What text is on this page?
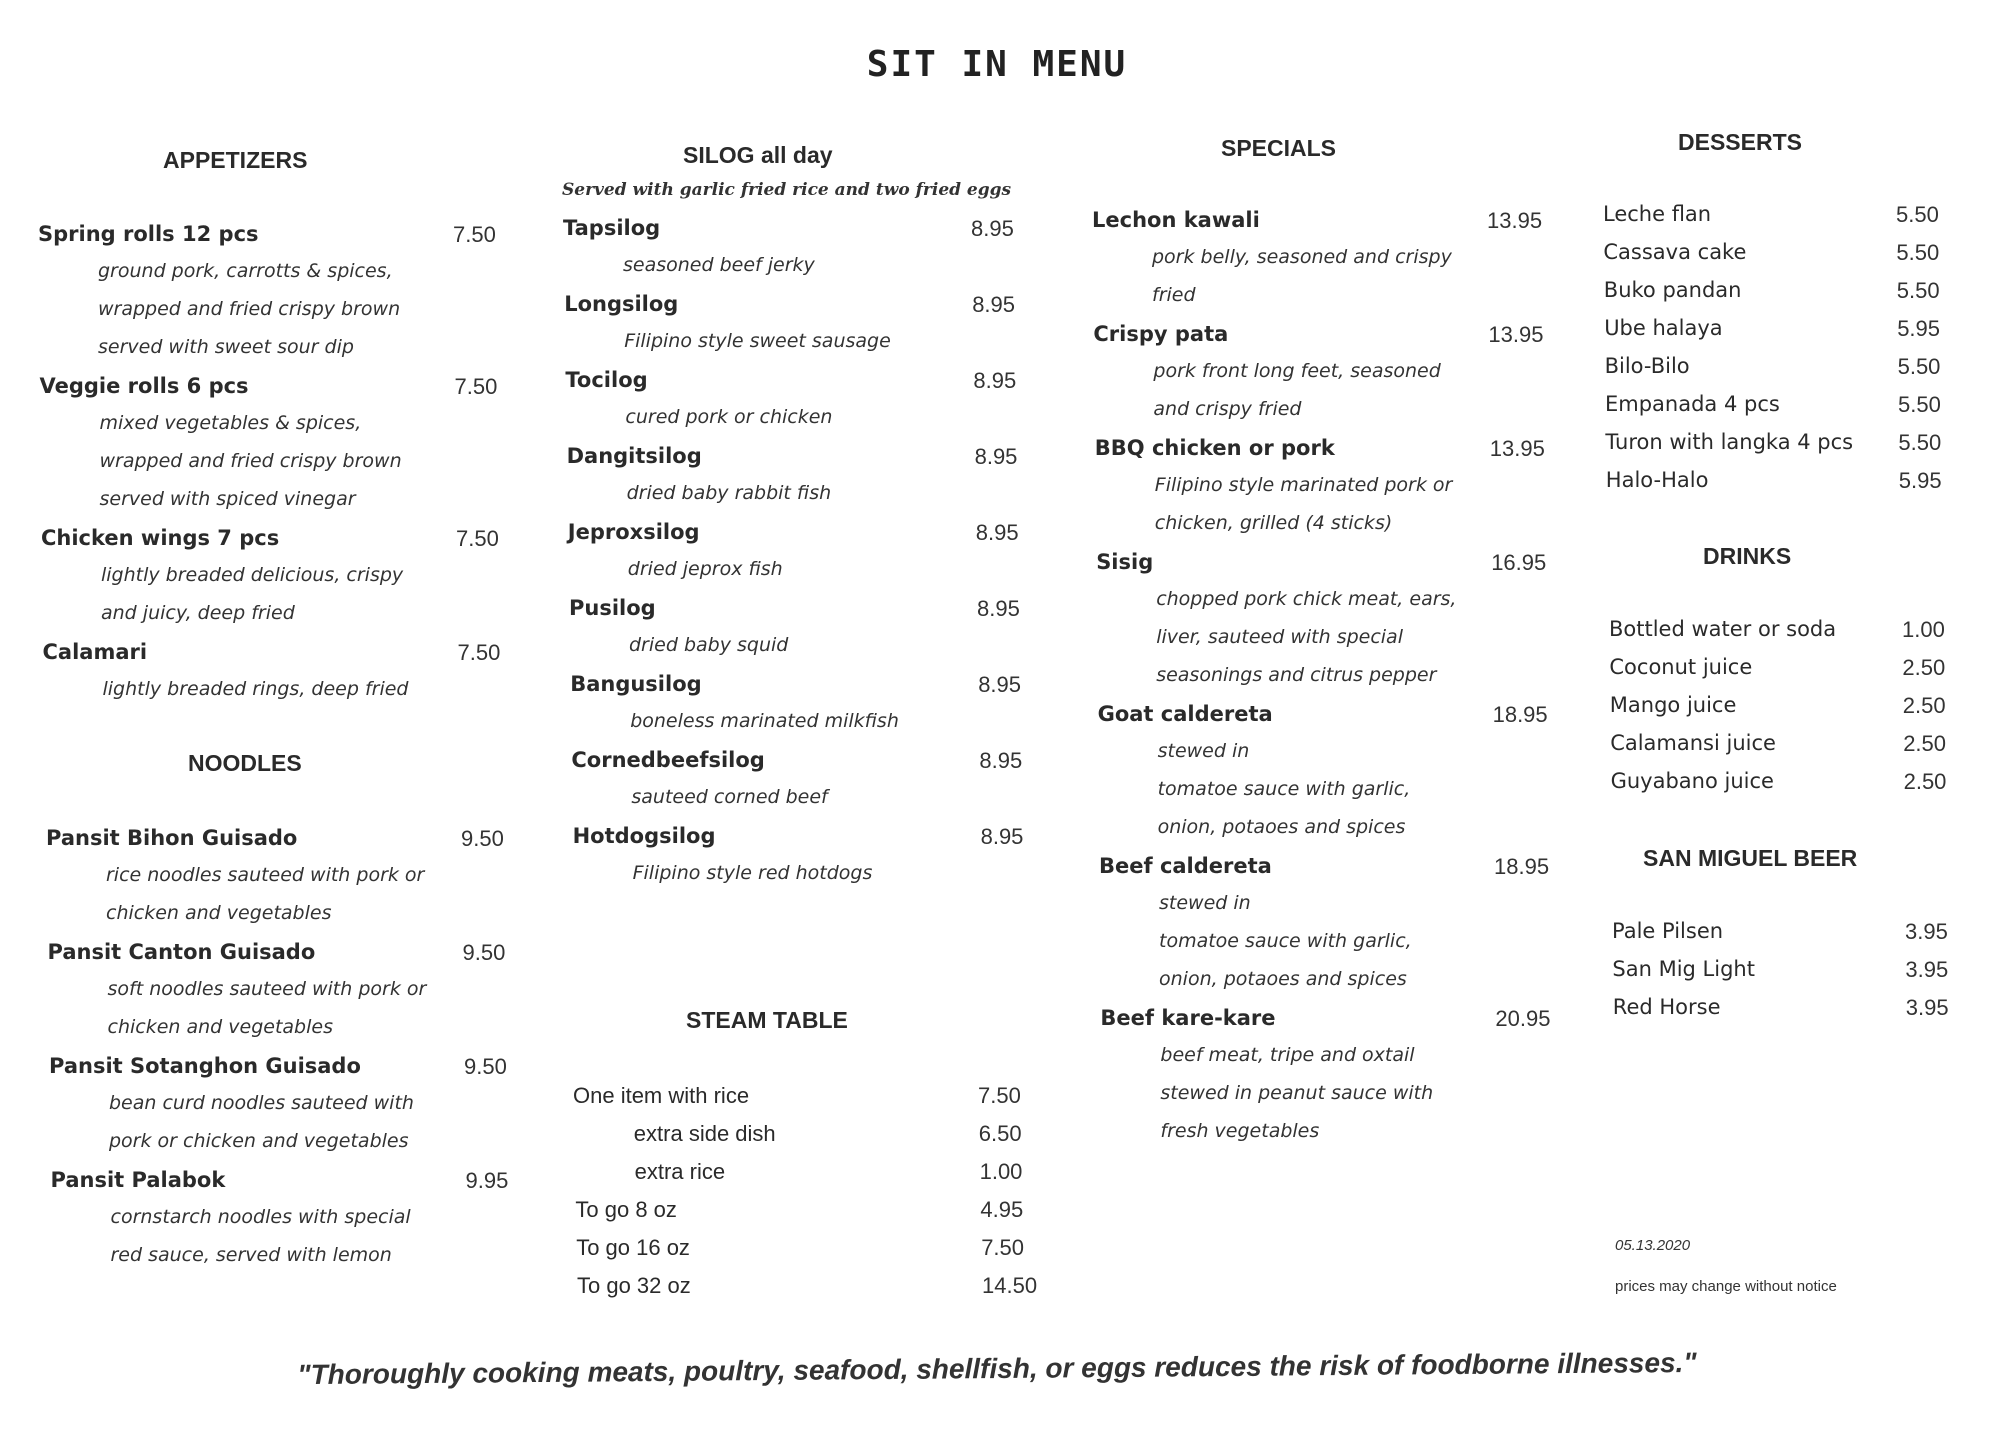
SIT IN MENU
APPETIZERS
Spring rolls 12 pcs	7.50
ground pork, carrotts & spices,
wrapped and fried crispy brown
served with sweet sour dip
Veggie rolls 6 pcs	7.50
mixed vegetables & spices,
wrapped and fried crispy brown
served with spiced vinegar
Chicken wings 7 pcs	7.50
lightly breaded delicious, crispy
and juicy, deep fried
Calamari	7.50
lightly breaded rings, deep fried
NOODLES
Pansit Bihon Guisado	9.50
rice noodles sauteed with pork or
chicken and vegetables
Pansit Canton Guisado	9.50
soft noodles sauteed with pork or
chicken and vegetables
Pansit Sotanghon Guisado	9.50
bean curd noodles sauteed with
pork or chicken and vegetables
Pansit Palabok	9.95
cornstarch noodles with special
red sauce, served with lemon
SILOG all day
Served with garlic fried rice and two fried eggs
Tapsilog	8.95
seasoned beef jerky
Longsilog	8.95
Filipino style sweet sausage
Tocilog	8.95
cured pork or chicken
Dangitsilog	8.95
dried baby rabbit fish
Jeproxsilog	8.95
dried jeprox fish
Pusilog	8.95
dried baby squid
Bangusilog	8.95
boneless marinated milkfish
Cornedbeefsilog	8.95
sauteed corned beef
Hotdogsilog	8.95
Filipino style red hotdogs
STEAM TABLE
One item with rice	7.50
extra side dish	6.50
extra rice	1.00
To go 8 oz	4.95
To go 16 oz	7.50
To go 32 oz	14.50
SPECIALS
Lechon kawali	13.95
pork belly, seasoned and crispy
fried
Crispy pata	13.95
pork front long feet, seasoned
and crispy fried
BBQ chicken or pork	13.95
Filipino style marinated pork or
chicken, grilled (4 sticks)
Sisig	16.95
chopped pork chick meat, ears,
liver, sauteed with special
seasonings and citrus pepper
Goat caldereta	18.95
stewed in
tomatoe sauce with garlic,
onion, potaoes and spices
Beef caldereta	18.95
stewed in
tomatoe sauce with garlic,
onion, potaoes and spices
Beef kare-kare	20.95
beef meat, tripe and oxtail
stewed in peanut sauce with
fresh vegetables
DESSERTS
Leche flan	5.50
Cassava cake	5.50
Buko pandan	5.50
Ube halaya	5.95
Bilo-Bilo	5.50
Empanada 4 pcs	5.50
Turon with langka 4 pcs 5.50
Halo-Halo	5.95
DRINKS
Bottled water or soda	1.00
Coconut juice	2.50
Mango juice	2.50
Calamansi juice	2.50
Guyabano juice	2.50
SAN MIGUEL BEER
Pale Pilsen	3.95
San Mig Light	3.95
Red Horse	3.95
05.13.2020
prices may change without notice
"Thoroughly cooking meats, poultry, seafood, shellfish, or eggs reduces the risk of foodborne illnesses."
